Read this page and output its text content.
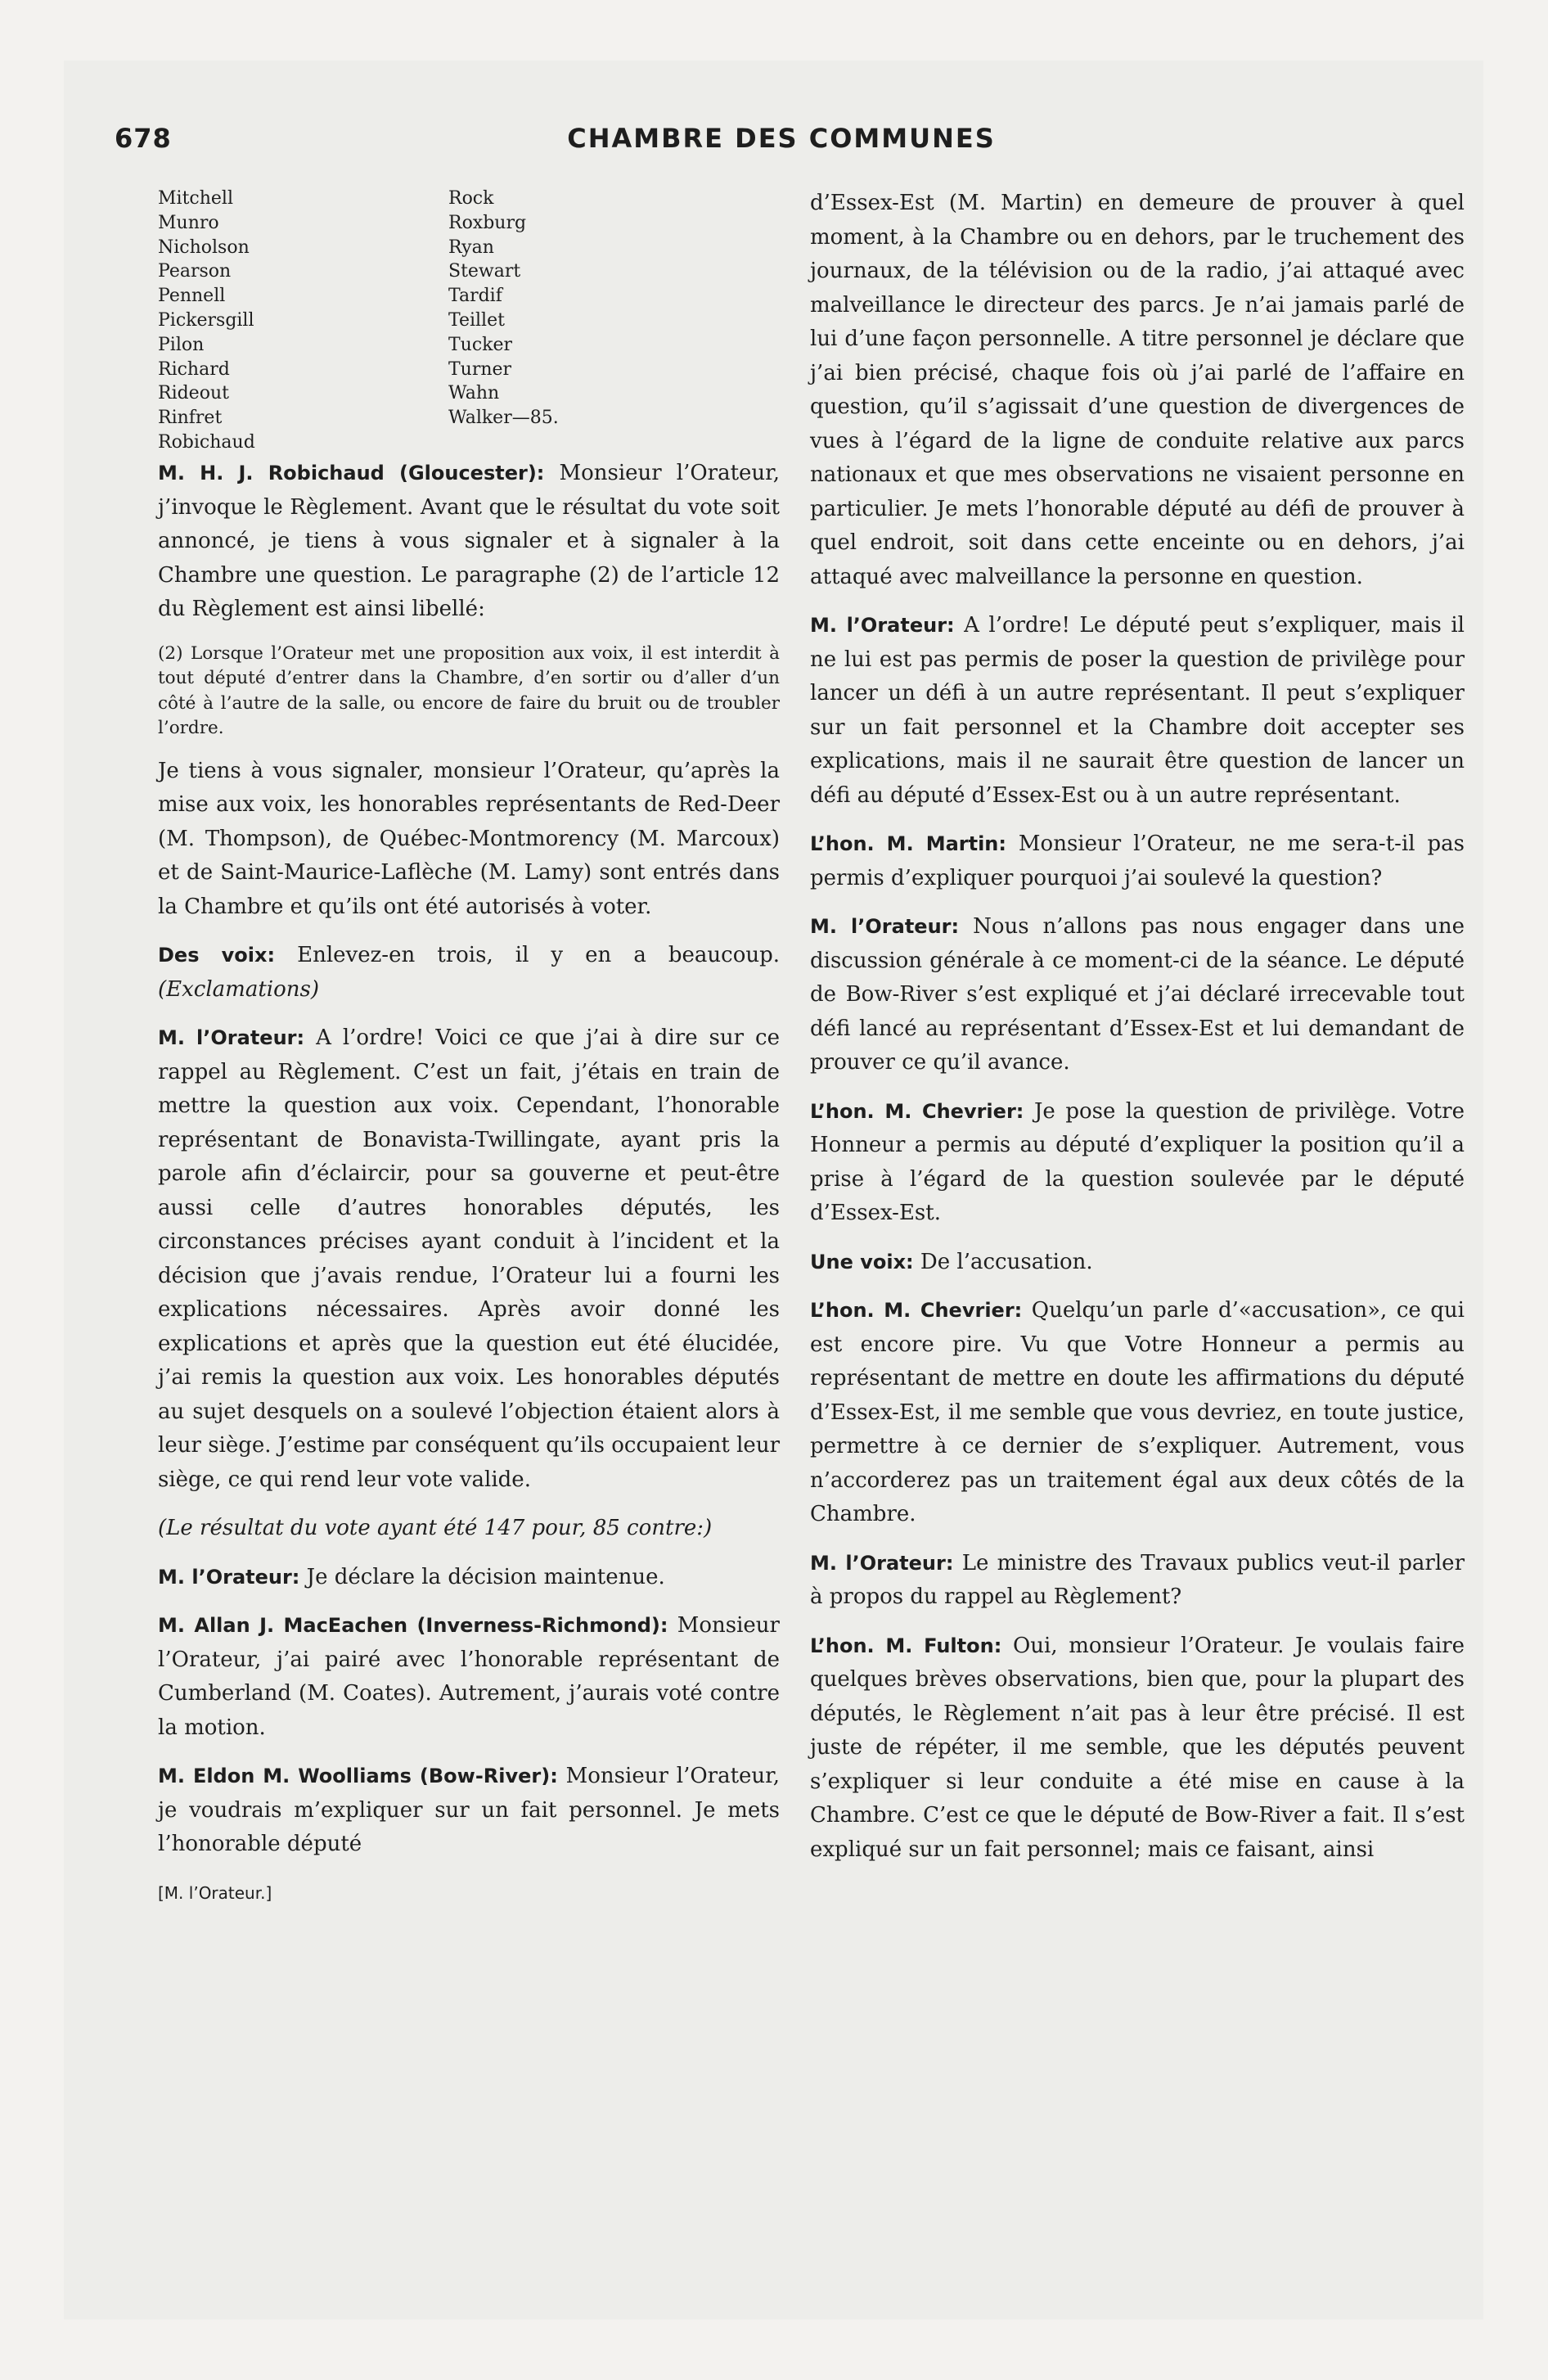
678	CHAMBRE DES COMMUNES
Mitchell
Munro
Nicholson
Pearson
Pennell
Pickersgill
Pilon
Richard
Rideout
Rinfret
Robichaud
Rock
Roxburg
Ryan
Stewart
Tardif
Teillet
Tucker
Turner
Wahn
Walker—85.

M. H. J. Robichaud (Gloucester): Monsieur l’Orateur, j’invoque le Règlement. Avant que le résultat du vote soit annoncé, je tiens à vous signaler et à signaler à la Chambre une question. Le paragraphe (2) de l’article 12 du Règlement est ainsi libellé:

(2) Lorsque l’Orateur met une proposition aux voix, il est interdit à tout député d’entrer dans la Chambre, d’en sortir ou d’aller d’un côté à l’autre de la salle, ou encore de faire du bruit ou de troubler l’ordre.

Je tiens à vous signaler, monsieur l’Orateur, qu’après la mise aux voix, les honorables représentants de Red-Deer (M. Thompson), de Québec-Montmorency (M. Marcoux) et de Saint-Maurice-Laflèche (M. Lamy) sont entrés dans la Chambre et qu’ils ont été autorisés à voter.

Des voix: Enlevez-en trois, il y en a beaucoup. (Exclamations)

M. l’Orateur: A l’ordre! Voici ce que j’ai à dire sur ce rappel au Règlement. C’est un fait, j’étais en train de mettre la question aux voix. Cependant, l’honorable représentant de Bonavista-Twillingate, ayant pris la parole afin d’éclaircir, pour sa gouverne et peut-être aussi celle d’autres honorables députés, les circonstances précises ayant conduit à l’incident et la décision que j’avais rendue, l’Orateur lui a fourni les explications nécessaires. Après avoir donné les explications et après que la question eut été élucidée, j’ai remis la question aux voix. Les honorables députés au sujet desquels on a soulevé l’objection étaient alors à leur siège. J’estime par conséquent qu’ils occupaient leur siège, ce qui rend leur vote valide.

(Le résultat du vote ayant été 147 pour, 85 contre:)

M. l’Orateur: Je déclare la décision maintenue.

M. Allan J. MacEachen (Inverness-Richmond): Monsieur l’Orateur, j’ai pairé avec l’honorable représentant de Cumberland (M. Coates). Autrement, j’aurais voté contre la motion.

M. Eldon M. Woolliams (Bow-River): Monsieur l’Orateur, je voudrais m’expliquer sur un fait personnel. Je mets l’honorable député

[M. l’Orateur.]

d’Essex-Est (M. Martin) en demeure de prouver à quel moment, à la Chambre ou en dehors, par le truchement des journaux, de la télévision ou de la radio, j’ai attaqué avec malveillance le directeur des parcs. Je n’ai jamais parlé de lui d’une façon personnelle. A titre personnel je déclare que j’ai bien précisé, chaque fois où j’ai parlé de l’affaire en question, qu’il s’agissait d’une question de divergences de vues à l’égard de la ligne de conduite relative aux parcs nationaux et que mes observations ne visaient personne en particulier. Je mets l’honorable député au défi de prouver à quel endroit, soit dans cette enceinte ou en dehors, j’ai attaqué avec malveillance la personne en question.

M. l’Orateur: A l’ordre! Le député peut s’expliquer, mais il ne lui est pas permis de poser la question de privilège pour lancer un défi à un autre représentant. Il peut s’expliquer sur un fait personnel et la Chambre doit accepter ses explications, mais il ne saurait être question de lancer un défi au député d’Essex-Est ou à un autre représentant.

L’hon. M. Martin: Monsieur l’Orateur, ne me sera-t-il pas permis d’expliquer pourquoi j’ai soulevé la question?

M. l’Orateur: Nous n’allons pas nous engager dans une discussion générale à ce moment-ci de la séance. Le député de Bow-River s’est expliqué et j’ai déclaré irrecevable tout défi lancé au représentant d’Essex-Est et lui demandant de prouver ce qu’il avance.

L’hon. M. Chevrier: Je pose la question de privilège. Votre Honneur a permis au député d’expliquer la position qu’il a prise à l’égard de la question soulevée par le député d’Essex-Est.

Une voix: De l’accusation.

L’hon. M. Chevrier: Quelqu’un parle d’«accusation», ce qui est encore pire. Vu que Votre Honneur a permis au représentant de mettre en doute les affirmations du député d’Essex-Est, il me semble que vous devriez, en toute justice, permettre à ce dernier de s’expliquer. Autrement, vous n’accorderez pas un traitement égal aux deux côtés de la Chambre.

M. l’Orateur: Le ministre des Travaux publics veut-il parler à propos du rappel au Règlement?

L’hon. M. Fulton: Oui, monsieur l’Orateur. Je voulais faire quelques brèves observations, bien que, pour la plupart des députés, le Règlement n’ait pas à leur être précisé. Il est juste de répéter, il me semble, que les députés peuvent s’expliquer si leur conduite a été mise en cause à la Chambre. C’est ce que le député de Bow-River a fait. Il s’est expliqué sur un fait personnel; mais ce faisant, ainsi
